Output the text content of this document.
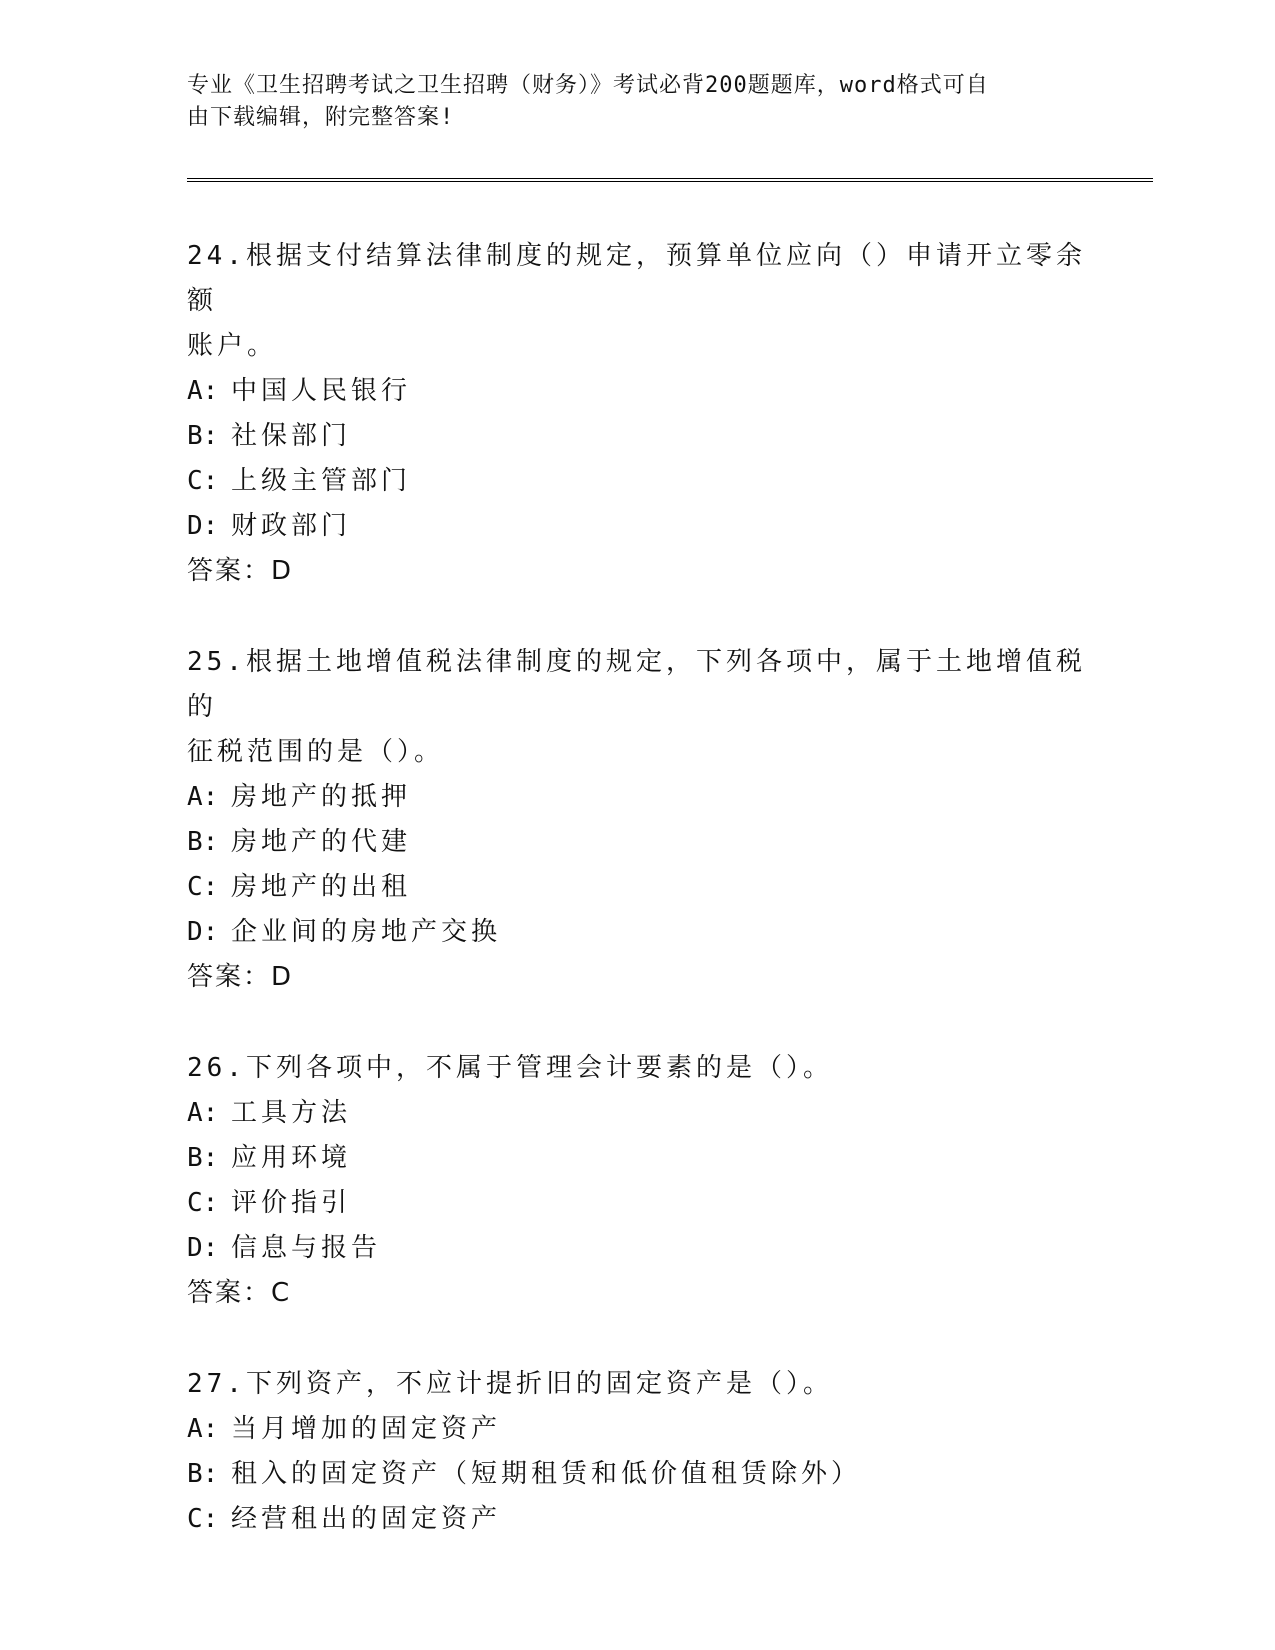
专业《卫生招聘考试之卫生招聘（财务）》考试必背200题题库，word格式可自
由下载编辑，附完整答案!

24.根据支付结算法律制度的规定，预算单位应向（）申请开立零余额
账户。

A: 中国人民银行

B: 社保部门

C: 上级主管部门

D: 财政部门

答案：D

25.根据土地增值税法律制度的规定，下列各项中，属于土地增值税的
征税范围的是（）。

A: 房地产的抵押

B: 房地产的代建

C: 房地产的出租

D: 企业间的房地产交换

答案：D

26.下列各项中，不属于管理会计要素的是（）。

A: 工具方法

B: 应用环境

C: 评价指引

D: 信息与报告

答案：C

27.下列资产，不应计提折旧的固定资产是（）。

A: 当月增加的固定资产

B: 租入的固定资产（短期租赁和低价值租赁除外）

C: 经营租出的固定资产
